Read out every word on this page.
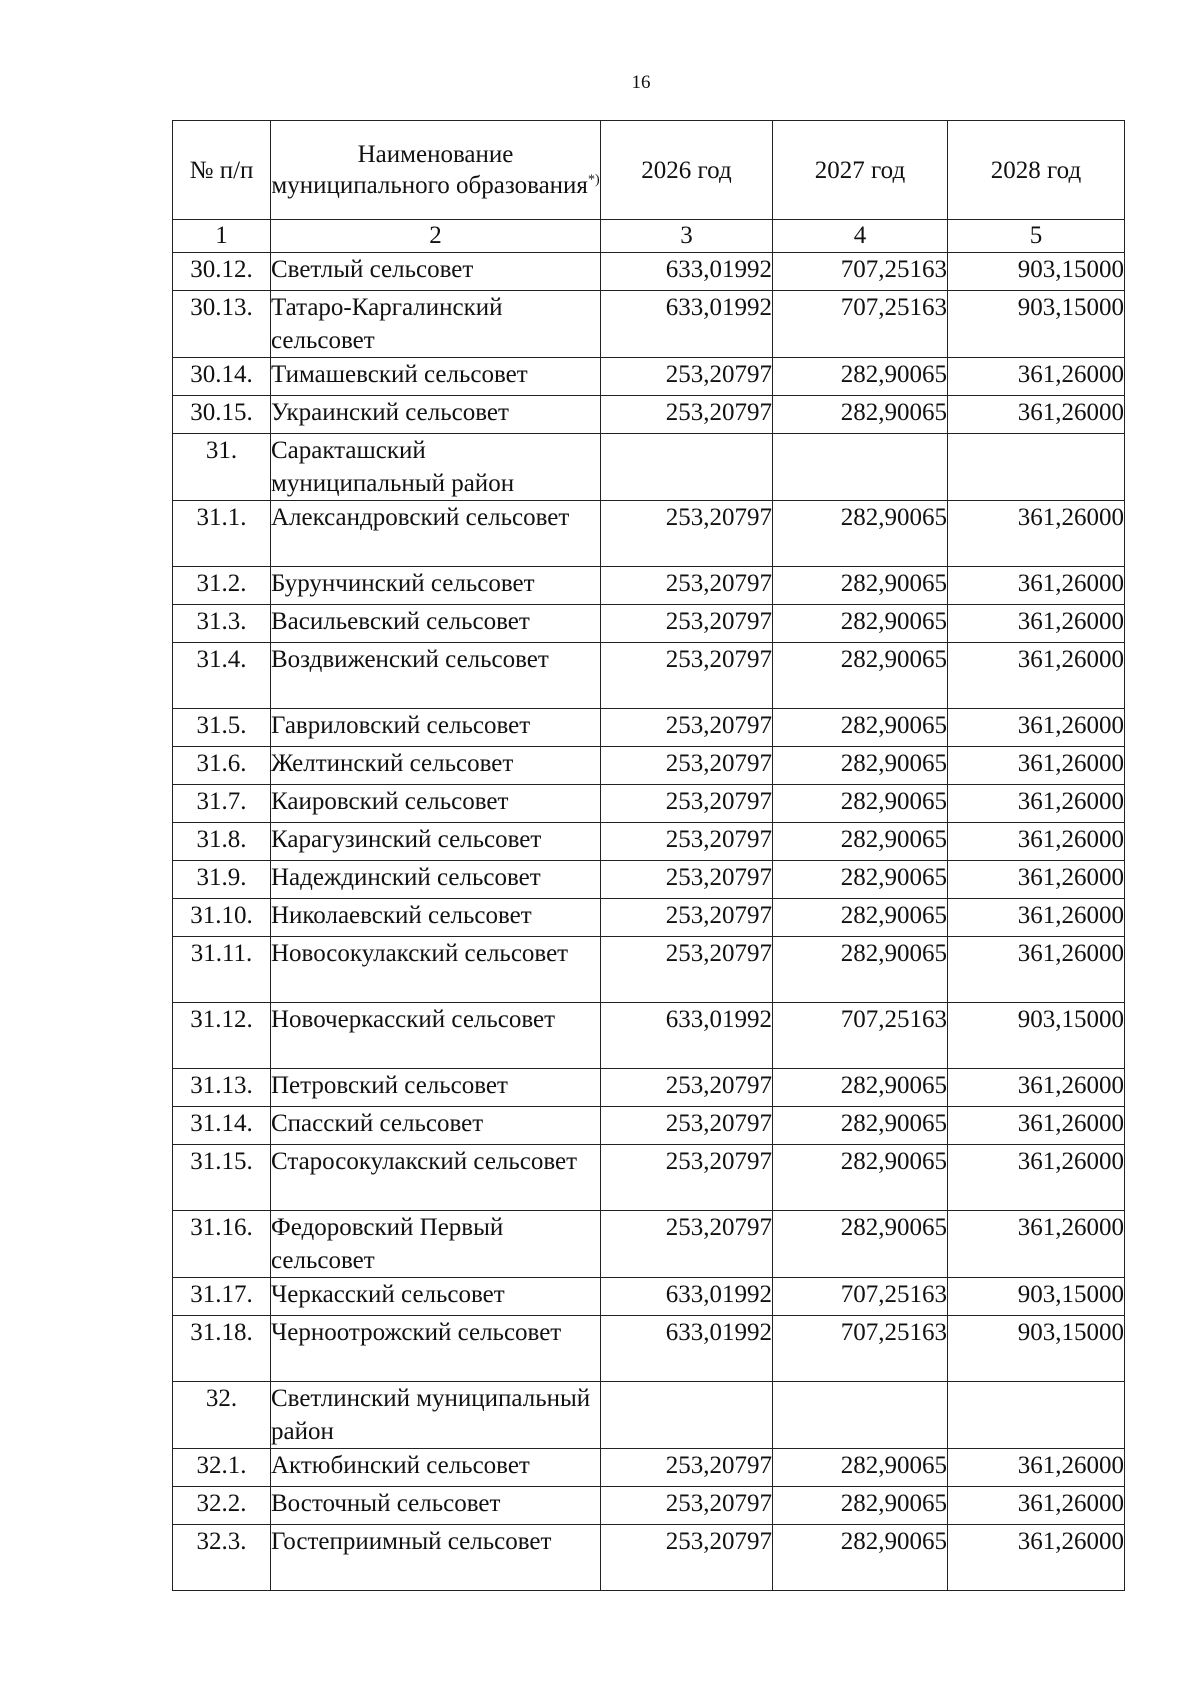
16
№ п/п	Наименование муниципального образования*)	2026 год	2027 год	2028 год
1	2	3	4	5
30.12.	Светлый сельсовет	633,01992	707,25163	903,15000
30.13.	Татаро-Каргалинский сельсовет	633,01992	707,25163	903,15000
30.14.	Тимашевский сельсовет	253,20797	282,90065	361,26000
30.15.	Украинский сельсовет	253,20797	282,90065	361,26000
31.	Саракташский муниципальный район			
31.1.	Александровский сельсовет	253,20797	282,90065	361,26000
31.2.	Бурунчинский сельсовет	253,20797	282,90065	361,26000
31.3.	Васильевский сельсовет	253,20797	282,90065	361,26000
31.4.	Воздвиженский сельсовет	253,20797	282,90065	361,26000
31.5.	Гавриловский сельсовет	253,20797	282,90065	361,26000
31.6.	Желтинский сельсовет	253,20797	282,90065	361,26000
31.7.	Каировский сельсовет	253,20797	282,90065	361,26000
31.8.	Карагузинский сельсовет	253,20797	282,90065	361,26000
31.9.	Надеждинский сельсовет	253,20797	282,90065	361,26000
31.10.	Николаевский сельсовет	253,20797	282,90065	361,26000
31.11.	Новосокулакский сельсовет	253,20797	282,90065	361,26000
31.12.	Новочеркасский сельсовет	633,01992	707,25163	903,15000
31.13.	Петровский сельсовет	253,20797	282,90065	361,26000
31.14.	Спасский сельсовет	253,20797	282,90065	361,26000
31.15.	Старосокулакский сельсовет	253,20797	282,90065	361,26000
31.16.	Федоровский Первый сельсовет	253,20797	282,90065	361,26000
31.17.	Черкасский сельсовет	633,01992	707,25163	903,15000
31.18.	Черноотрожский сельсовет	633,01992	707,25163	903,15000
32.	Светлинский муниципальный район			
32.1.	Актюбинский сельсовет	253,20797	282,90065	361,26000
32.2.	Восточный сельсовет	253,20797	282,90065	361,26000
32.3.	Гостеприимный сельсовет	253,20797	282,90065	361,26000
